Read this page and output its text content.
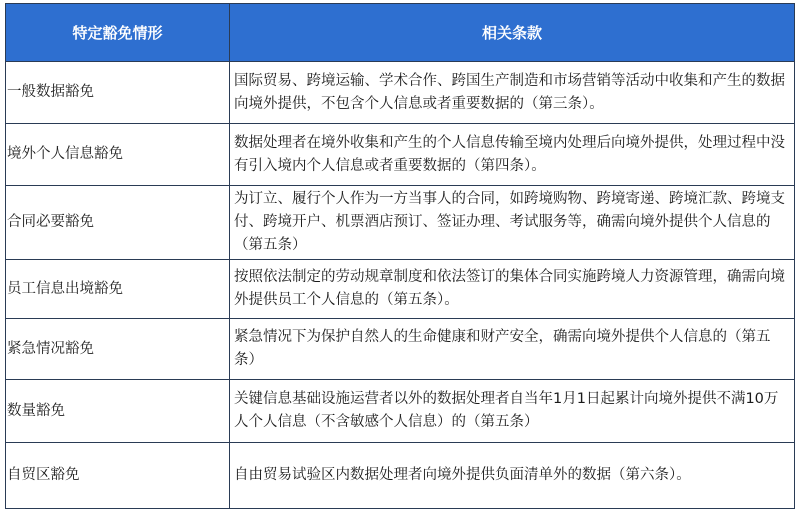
特定豁免情形	相关条款
一般数据豁免	国际贸易、跨境运输、学术合作、跨国生产制造和市场营销等活动中收集和产生的数据向境外提供，不包含个人信息或者重要数据的（第三条）。
境外个人信息豁免	数据处理者在境外收集和产生的个人信息传输至境内处理后向境外提供，处理过程中没有引入境内个人信息或者重要数据的（第四条）。
合同必要豁免	为订立、履行个人作为一方当事人的合同，如跨境购物、跨境寄递、跨境汇款、跨境支付、跨境开户、机票酒店预订、签证办理、考试服务等，确需向境外提供个人信息的（第五条）
员工信息出境豁免	按照依法制定的劳动规章制度和依法签订的集体合同实施跨境人力资源管理，确需向境外提供员工个人信息的（第五条）。
紧急情况豁免	紧急情况下为保护自然人的生命健康和财产安全，确需向境外提供个人信息的（第五条）
数量豁免	关键信息基础设施运营者以外的数据处理者自当年1月1日起累计向境外提供不满10万人个人信息（不含敏感个人信息）的（第五条）
自贸区豁免	自由贸易试验区内数据处理者向境外提供负面清单外的数据（第六条）。
